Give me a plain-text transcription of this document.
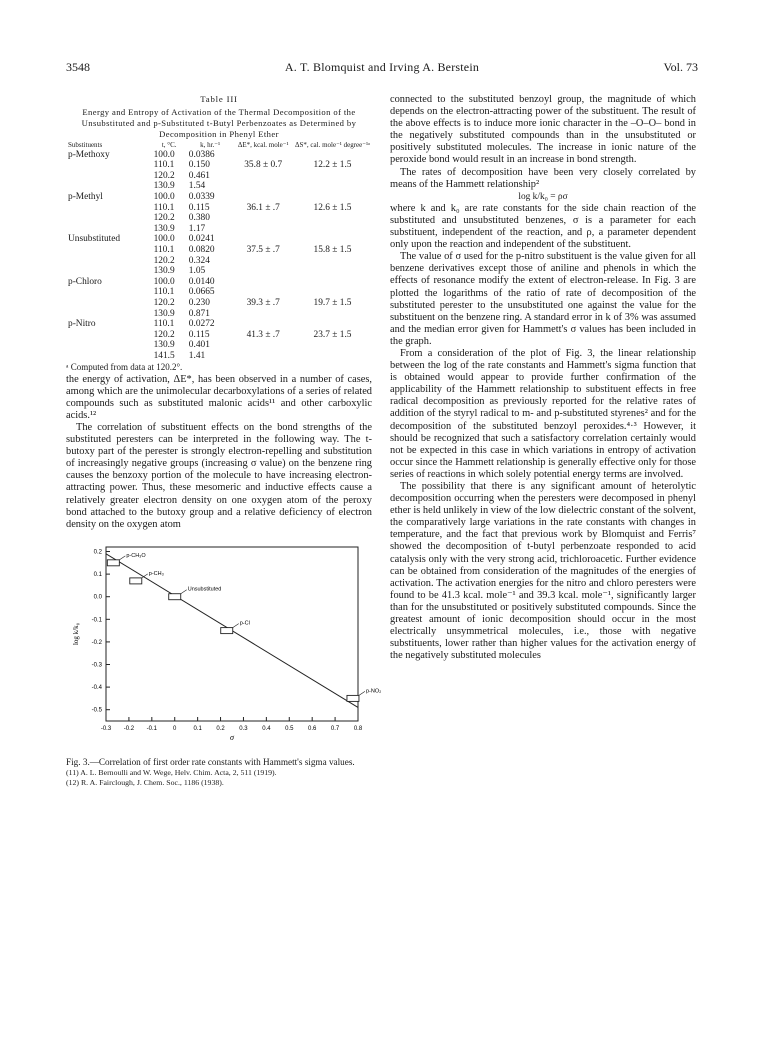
3548	A. T. Blomquist and Irving A. Berstein	Vol. 73

Table III

Energy and Entropy of Activation of the Thermal Decomposition of the Unsubstituted and p-Substituted t-Butyl Perbenzoates as Determined by Decomposition in Phenyl Ether

Substituents	t, °C.	k, hr.⁻¹	ΔE*, kcal. mole⁻¹	ΔS*, cal. mole⁻¹ degree⁻¹ᵃ
p-Methoxy	100.0	0.0386		
	110.1	0.150	35.8 ± 0.7	12.2 ± 1.5
	120.2	0.461		
	130.9	1.54		
p-Methyl	100.0	0.0339		
	110.1	0.115	36.1 ± .7	12.6 ± 1.5
	120.2	0.380		
	130.9	1.17		
Unsubstituted	100.0	0.0241		
	110.1	0.0820	37.5 ± .7	15.8 ± 1.5
	120.2	0.324		
	130.9	1.05		
p-Chloro	100.0	0.0140		
	110.1	0.0665		
	120.2	0.230	39.3 ± .7	19.7 ± 1.5
	130.9	0.871		
p-Nitro	110.1	0.0272		
	120.2	0.115	41.3 ± .7	23.7 ± 1.5
	130.9	0.401		
	141.5	1.41		

ᵃ Computed from data at 120.2°.

the energy of activation, ΔE*, has been observed in a number of cases, among which are the unimolecular decarboxylations of a series of related compounds such as substituted malonic acids¹¹ and other carboxylic acids.¹²

The correlation of substituent effects on the bond strengths of the substituted peresters can be interpreted in the following way. The t-butoxy part of the perester is strongly electron-repelling and substitution of increasingly negative groups (increasing σ value) on the benzene ring causes the benzoxy portion of the molecule to have increasing electron-attracting power. Thus, these mesomeric and inductive effects cause a relatively greater electron density on one oxygen atom of the peroxy bond attached to the butoxy group and a relative deficiency of electron density on the oxygen atom

0.2
0.1
0.0
-0.1
-0.2
-0.3
-0.4
-0.5
-0.3 -0.2 -0.1	0	0.1 0.2 0.3 0.4 0.5 0.6 0.7 0.8
σ
log k/k₀
p-CH₃O
p-CH₃
Unsubstituted
p-Cl
p-NO₂

Fig. 3.—Correlation of first order rate constants with Hammett's sigma values.

(11) A. L. Bernoulli and W. Wege, Helv. Chim. Acta, 2, 511 (1919).
(12) R. A. Fairclough, J. Chem. Soc., 1186 (1938).

connected to the substituted benzoyl group, the magnitude of which depends on the electron-attracting power of the substituent. The result of the above effects is to induce more ionic character in the –O–O– bond in the negatively substituted compounds than in the unsubstituted or positively substituted molecules. The increase in ionic nature of the peroxide bond would result in an increase in bond strength.

The rates of decomposition have been very closely correlated by means of the Hammett relationship²

log k/k₀ = ρσ

where k and k₀ are rate constants for the side chain reaction of the substituted and unsubstituted benzenes, σ is a parameter for each substituent, independent of the reaction, and ρ, a parameter dependent only upon the reaction and independent of the substituent.

The value of σ used for the p-nitro substituent is the value given for all benzene derivatives except those of aniline and phenols in which the effects of resonance modify the extent of electron-release. In Fig. 3 are plotted the logarithms of the ratio of rate of decomposition of the substituted perester to the unsubstituted one against the value for the substituent on the benzene ring. A standard error in k of 3% was assumed and the median error given for Hammett's σ values has been included in the graph.

From a consideration of the plot of Fig. 3, the linear relationship between the log of the rate constants and Hammett's sigma function that is obtained would appear to provide further confirmation of the applicability of the Hammett relationship to substituent effects in free radical decomposition as previously reported for the relative rates of addition of the styryl radical to m- and p-substituted styrenes² and for the decomposition of the substituted benzoyl peroxides.⁴·³ However, it should be recognized that such a satisfactory correlation certainly would not be expected in this case in which variations in entropy of activation occur since the Hammett relationship is generally effective only for those series of reactions in which solely potential energy terms are involved.

The possibility that there is any significant amount of heterolytic decomposition occurring when the peresters were decomposed in phenyl ether is held unlikely in view of the low dielectric constant of the solvent, the comparatively large variations in the rate constants with changes in temperature, and the fact that previous work by Blomquist and Ferris⁷ showed the decomposition of t-butyl perbenzoate responded to acid catalysis only with the very strong acid, trichloroacetic. Further evidence can be obtained from consideration of the magnitudes of the energies of activation. The activation energies for the nitro and chloro peresters were found to be 41.3 kcal. mole⁻¹ and 39.3 kcal. mole⁻¹, significantly larger than for the unsubstituted or positively substituted compounds. Since the greatest amount of ionic decomposition should occur in the most electrically unsymmetrical molecules, i.e., those with negative substituents, lower rather than higher values for the activation energy of the negatively substituted molecules
